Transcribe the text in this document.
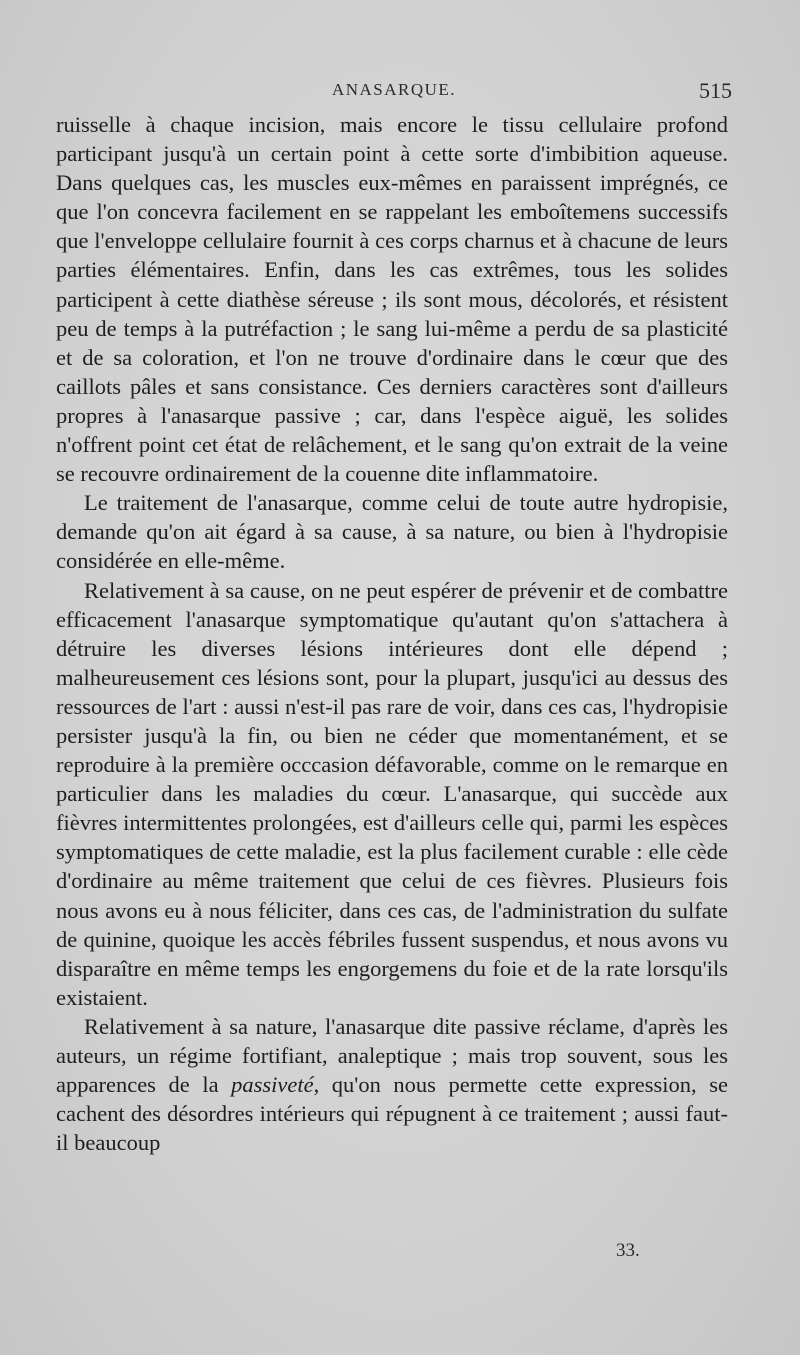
ANASARQUE.	515

ruisselle à chaque incision, mais encore le tissu cellulaire profond participant jusqu'à un certain point à cette sorte d'imbibition aqueuse. Dans quelques cas, les muscles eux-mêmes en paraissent imprégnés, ce que l'on concevra facilement en se rappelant les emboîtemens successifs que l'enveloppe cellulaire fournit à ces corps charnus et à chacune de leurs parties élémentaires. Enfin, dans les cas extrêmes, tous les solides participent à cette diathèse séreuse ; ils sont mous, décolorés, et résistent peu de temps à la putréfaction ; le sang lui-même a perdu de sa plasticité et de sa coloration, et l'on ne trouve d'ordinaire dans le cœur que des caillots pâles et sans consistance. Ces derniers caractères sont d'ailleurs propres à l'anasarque passive ; car, dans l'espèce aiguë, les solides n'offrent point cet état de relâchement, et le sang qu'on extrait de la veine se recouvre ordinairement de la couenne dite inflammatoire.

Le traitement de l'anasarque, comme celui de toute autre hydropisie, demande qu'on ait égard à sa cause, à sa nature, ou bien à l'hydropisie considérée en elle-même.

Relativement à sa cause, on ne peut espérer de prévenir et de combattre efficacement l'anasarque symptomatique qu'autant qu'on s'attachera à détruire les diverses lésions intérieures dont elle dépend ; malheureusement ces lésions sont, pour la plupart, jusqu'ici au dessus des ressources de l'art : aussi n'est-il pas rare de voir, dans ces cas, l'hydropisie persister jusqu'à la fin, ou bien ne céder que momentanément, et se reproduire à la première occcasion défavorable, comme on le remarque en particulier dans les maladies du cœur. L'anasarque, qui succède aux fièvres intermittentes prolongées, est d'ailleurs celle qui, parmi les espèces symptomatiques de cette maladie, est la plus facilement curable : elle cède d'ordinaire au même traitement que celui de ces fièvres. Plusieurs fois nous avons eu à nous féliciter, dans ces cas, de l'administration du sulfate de quinine, quoique les accès fébriles fussent suspendus, et nous avons vu disparaître en même temps les engorgemens du foie et de la rate lorsqu'ils existaient.

Relativement à sa nature, l'anasarque dite passive réclame, d'après les auteurs, un régime fortifiant, analeptique ; mais trop souvent, sous les apparences de la passiveté, qu'on nous permette cette expression, se cachent des désordres intérieurs qui répugnent à ce traitement ; aussi faut-il beaucoup

33.
